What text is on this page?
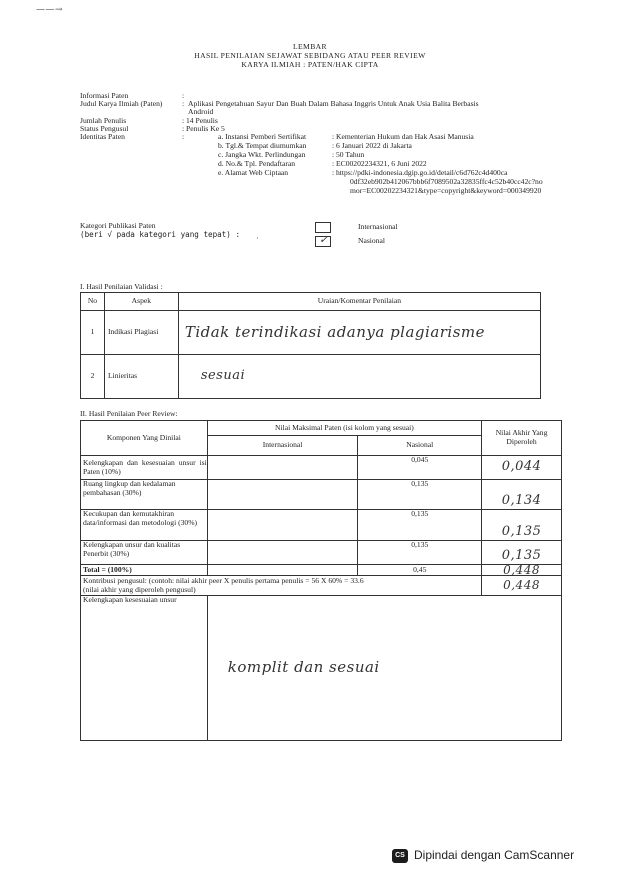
——→
LEMBAR
HASIL PENILAIAN SEJAWAT SEBIDANG ATAU PEER REVIEW
KARYA ILMIAH : PATEN/HAK CIPTA
Informasi Paten
Judul Karya Ilmiah (Paten)
:
: Aplikasi Pengetahuan Sayur Dan Buah Dalam Bahasa Inggris Untuk Anak Usia Balita Berbasis
Android
Jumlah Penulis	: 14 Penulis
Status Pengusul	: Penulis Ke 5
Identitas Paten	:	a. Instansi Pemberi Sertifikat	: Kementerian Hukum dan Hak Asasi Manusia
b. Tgl.& Tempat diumumkan	: 6 Januari 2022 di Jakarta
c. Jangka Wkt. Perlindungan	: 50 Tahun
d. No.& Tpl. Pendaftaran	: EC00202234321, 6 Juni 2022
e. Alamat Web Ciptaan	: https://pdki-indonesia.dgip.go.id/detail/c6d762c4d400ca
0df32eb902b412067bbb6f7089502a32835ffc4c52b40cc42c?no
mor=EC00202234321&type=copyright&keyword=000349920
Kategori Publikasi Paten
(beri √ pada kategori yang tepat) : ·
Internasional
✓	Nasional
I. Hasil Penilaian Validasi :
No	Aspek	Uraian/Komentar Penilaian
1	Indikasi Plagiasi	Tidak terindikasi adanya plagiarisme
2	Linieritas	sesuai
II. Hasil Penilaian Peer Review:
Komponen Yang Dinilai	Nilai Maksimal Paten (isi kolom yang sesuai)		Nilai Akhir Yang Diperoleh
	Internasional	Nasional	
Kelengkapan dan kesesuaian unsur isi Paten (10%)		0,045	0,044
Ruang lingkup dan kedalaman pembahasan (30%)		0,135	0,134
Kecukupan dan kemutakhiran data/informasi dan metodologi (30%)		0,135	0,135
Kelengkapan unsur dan kualitas Penerbit (30%)		0,135	0,135
Total = (100%)		0,45	0,448

Kontribusi pengusul: (contoh: nilai akhir peer X penulis pertama penulis = 56 X 60% = 33.6
(nilai akhir yang diperoleh pengusul)			0,448
Kelengkapan kesesuaian unsur	komplit dan sesuai		
CS Dipindai dengan CamScanner
